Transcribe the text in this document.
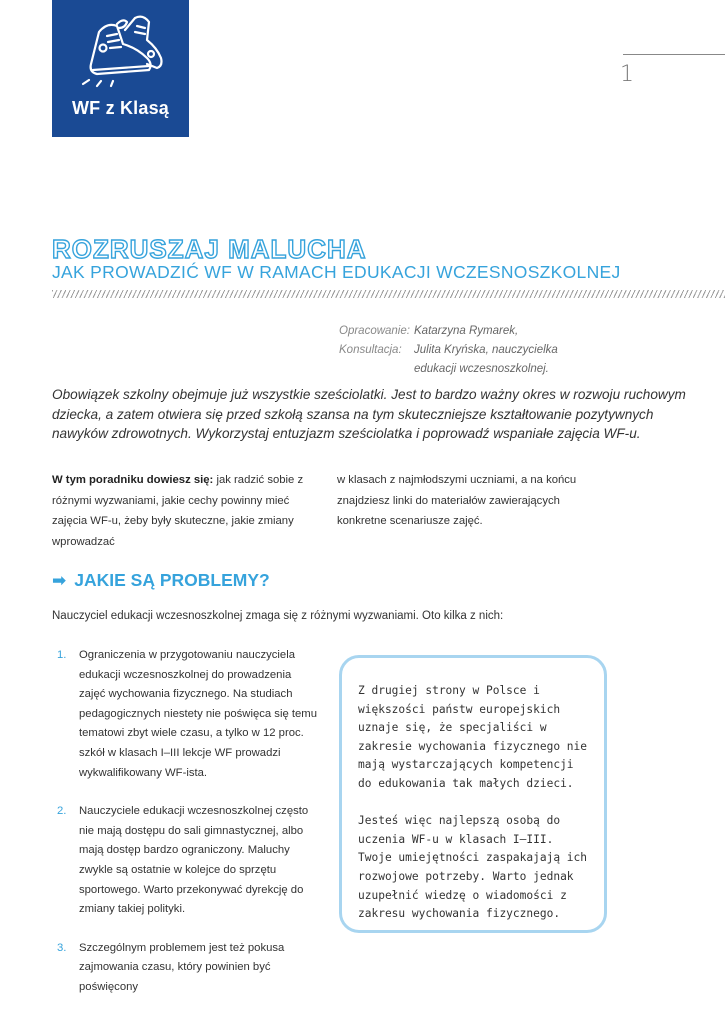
WF z Klasą
1
ROZRUSZAJ MALUCHA
JAK PROWADZIĆ WF W RAMACH EDUKACJI WCZESNOSZKOLNEJ
Opracowanie: Katarzyna Rymarek,
Konsultacja:	Julita Kryńska, nauczycielka
edukacji wczesnoszkolnej.
Obowiązek szkolny obejmuje już wszystkie sześciolatki. Jest to bardzo ważny okres w rozwoju ruchowym dziecka, a zatem otwiera się przed szkołą szansa na tym skuteczniejsze kształtowanie pozytywnych nawyków zdrowotnych. Wykorzystaj entuzjazm sześciolatka i poprowadź wspaniałe zajęcia WF-u.
W tym poradniku dowiesz się: jak radzić sobie z różnymi wyzwaniami, jakie cechy powinny mieć zajęcia WF-u, żeby były skuteczne, jakie zmiany wprowadzać
w klasach z najmłodszymi uczniami, a na końcu znajdziesz linki do materiałów zawierających konkretne scenariusze zajęć.
➡ JAKIE SĄ PROBLEMY?
Nauczyciel edukacji wczesnoszkolnej zmaga się z różnymi wyzwaniami. Oto kilka z nich:
1. Ograniczenia w przygotowaniu nauczyciela edukacji wczesnoszkolnej do prowadzenia zajęć wychowania fizycznego. Na studiach pedagogicznych niestety nie poświęca się temu tematowi zbyt wiele czasu, a tylko w 12 proc. szkół w klasach I–III lekcje WF prowadzi wykwalifikowany WF-ista.
2. Nauczyciele edukacji wczesnoszkolnej często nie mają dostępu do sali gimnastycznej, albo mają dostęp bardzo ograniczony. Maluchy zwykle są ostatnie w kolejce do sprzętu sportowego. Warto przekonywać dyrekcję do zmiany takiej polityki.
3. Szczególnym problemem jest też pokusa zajmowania czasu, który powinien być poświęcony

Z drugiej strony w Polsce i większości państw europejskich uznaje się, że specjaliści w zakresie wychowania fizycznego nie mają wystarczających kompetencji do edukowania tak małych dzieci.

Jesteś więc najlepszą osobą do uczenia WF-u w klasach I–III. Twoje umiejętności zaspakajają ich rozwojowe potrzeby. Warto jednak uzupełnić wiedzę o wiadomości z zakresu wychowania fizycznego.
